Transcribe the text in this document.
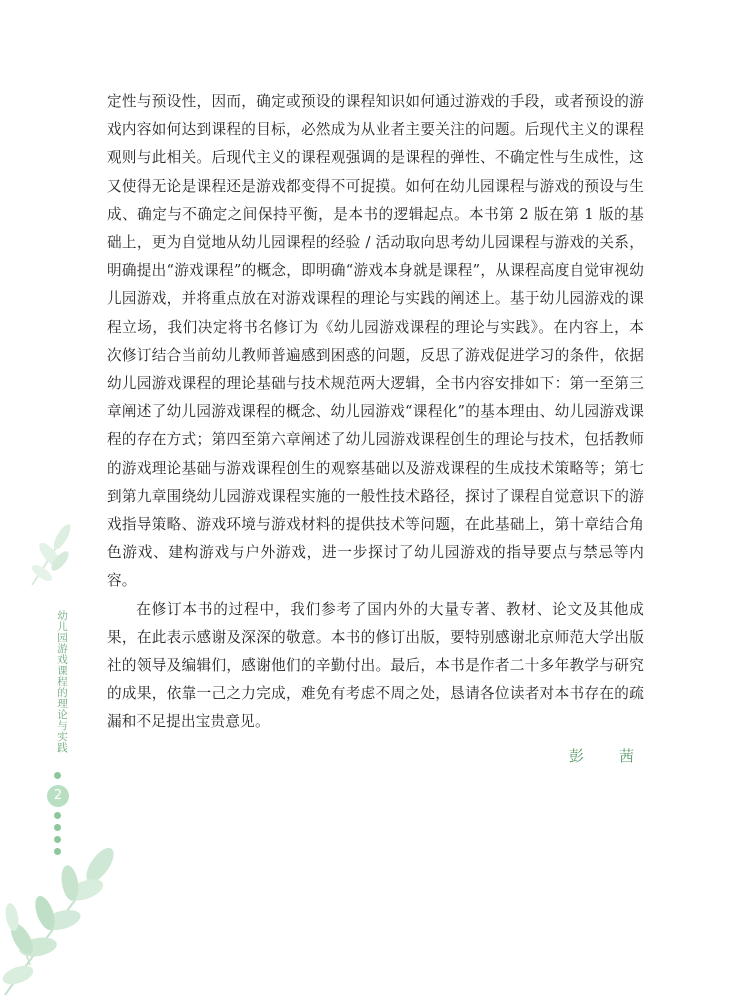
定性与预设性，因而，确定或预设的课程知识如何通过游戏的手段，或者预设的游戏内容如何达到课程的目标，必然成为从业者主要关注的问题。后现代主义的课程观则与此相关。后现代主义的课程观强调的是课程的弹性、不确定性与生成性，这又使得无论是课程还是游戏都变得不可捉摸。如何在幼儿园课程与游戏的预设与生成、确定与不确定之间保持平衡，是本书的逻辑起点。本书第 2 版在第 1 版的基础上，更为自觉地从幼儿园课程的经验 / 活动取向思考幼儿园课程与游戏的关系，明确提出“游戏课程”的概念，即明确“游戏本身就是课程”，从课程高度自觉审视幼儿园游戏，并将重点放在对游戏课程的理论与实践的阐述上。基于幼儿园游戏的课程立场，我们决定将书名修订为《幼儿园游戏课程的理论与实践》。在内容上，本次修订结合当前幼儿教师普遍感到困惑的问题，反思了游戏促进学习的条件，依据幼儿园游戏课程的理论基础与技术规范两大逻辑，全书内容安排如下：第一至第三章阐述了幼儿园游戏课程的概念、幼儿园游戏“课程化”的基本理由、幼儿园游戏课程的存在方式；第四至第六章阐述了幼儿园游戏课程创生的理论与技术，包括教师的游戏理论基础与游戏课程创生的观察基础以及游戏课程的生成技术策略等；第七到第九章围绕幼儿园游戏课程实施的一般性技术路径，探讨了课程自觉意识下的游戏指导策略、游戏环境与游戏材料的提供技术等问题，在此基础上，第十章结合角色游戏、建构游戏与户外游戏，进一步探讨了幼儿园游戏的指导要点与禁忌等内容。

在修订本书的过程中，我们参考了国内外的大量专著、教材、论文及其他成果，在此表示感谢及深深的敬意。本书的修订出版，要特别感谢北京师范大学出版社的领导及编辑们，感谢他们的辛勤付出。最后，本书是作者二十多年教学与研究的成果，依靠一己之力完成，难免有考虑不周之处，恳请各位读者对本书存在的疏漏和不足提出宝贵意见。

彭　茜
幼儿园游戏课程的理论与实践
2
